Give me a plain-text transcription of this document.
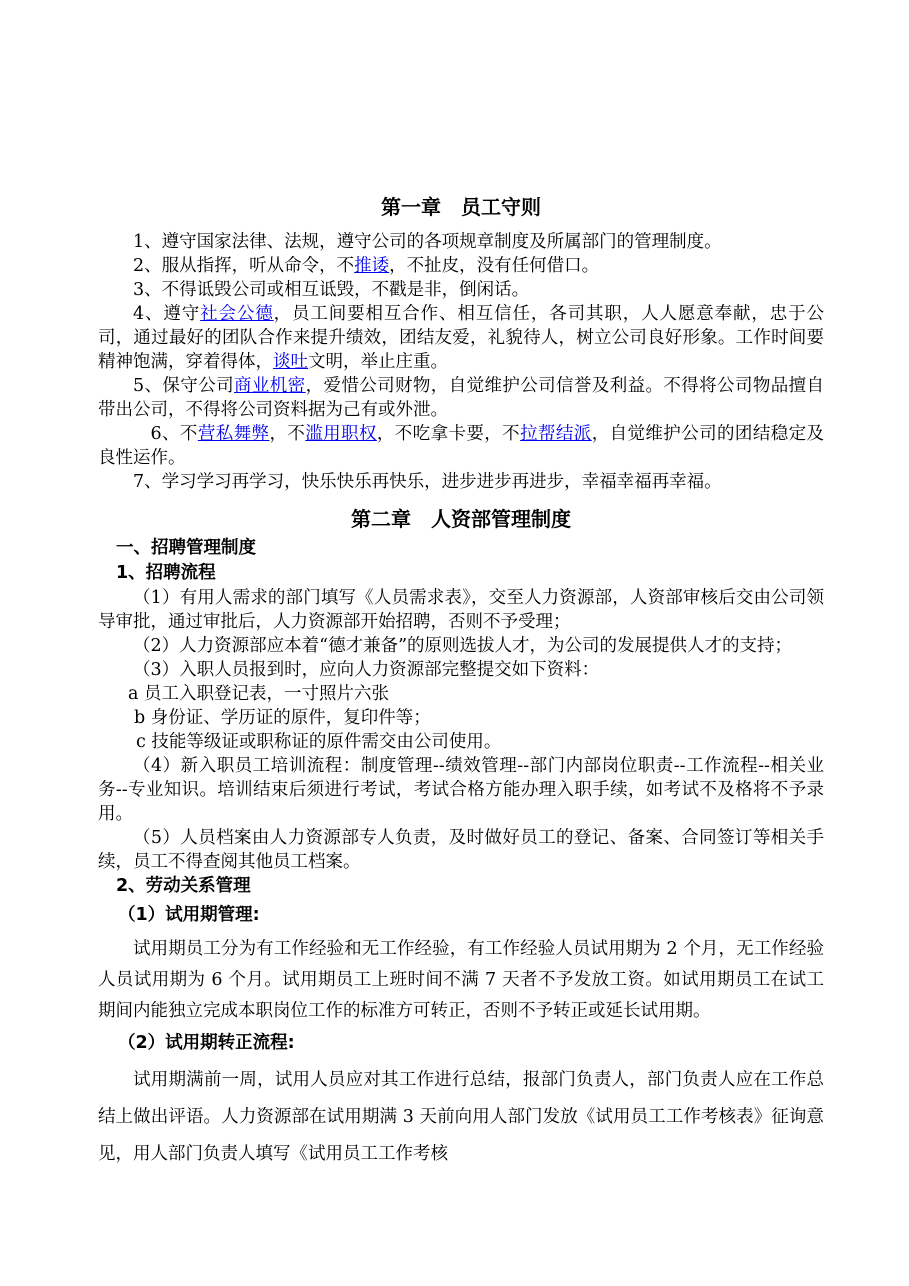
第一章　员工守则

1、遵守国家法律、法规，遵守公司的各项规章制度及所属部门的管理制度。

2、服从指挥，听从命令，不推诿，不扯皮，没有任何借口。

3、不得诋毁公司或相互诋毁，不戳是非，倒闲话。

4、遵守社会公德，员工间要相互合作、相互信任，各司其职，人人愿意奉献，忠于公司，通过最好的团队合作来提升绩效，团结友爱，礼貌待人，树立公司良好形象。工作时间要精神饱满，穿着得体，谈吐文明，举止庄重。

5、保守公司商业机密，爱惜公司财物，自觉维护公司信誉及利益。不得将公司物品擅自带出公司，不得将公司资料据为己有或外泄。

6、不营私舞弊，不滥用职权，不吃拿卡要，不拉帮结派，自觉维护公司的团结稳定及良性运作。

7、学习学习再学习，快乐快乐再快乐，进步进步再进步，幸福幸福再幸福。

第二章　人资部管理制度
一、招聘管理制度
1、招聘流程

（1）有用人需求的部门填写《人员需求表》，交至人力资源部，人资部审核后交由公司领导审批，通过审批后，人力资源部开始招聘，否则不予受理；

（2）人力资源部应本着“德才兼备”的原则选拔人才，为公司的发展提供人才的支持；

（3）入职人员报到时，应向人力资源部完整提交如下资料：

a 员工入职登记表，一寸照片六张

b 身份证、学历证的原件，复印件等；

c 技能等级证或职称证的原件需交由公司使用。

（4）新入职员工培训流程：制度管理--绩效管理--部门内部岗位职责--工作流程--相关业务--专业知识。培训结束后须进行考试，考试合格方能办理入职手续，如考试不及格将不予录用。

（5）人员档案由人力资源部专人负责，及时做好员工的登记、备案、合同签订等相关手续，员工不得查阅其他员工档案。

2、劳动关系管理
（1）试用期管理:

试用期员工分为有工作经验和无工作经验，有工作经验人员试用期为 2 个月，无工作经验人员试用期为 6 个月。试用期员工上班时间不满 7 天者不予发放工资。如试用期员工在试工期间内能独立完成本职岗位工作的标准方可转正，否则不予转正或延长试用期。

（2）试用期转正流程:

试用期满前一周，试用人员应对其工作进行总结，报部门负责人，部门负责人应在工作总结上做出评语。人力资源部在试用期满 3 天前向用人部门发放《试用员工工作考核表》征询意见，用人部门负责人填写《试用员工工作考核
